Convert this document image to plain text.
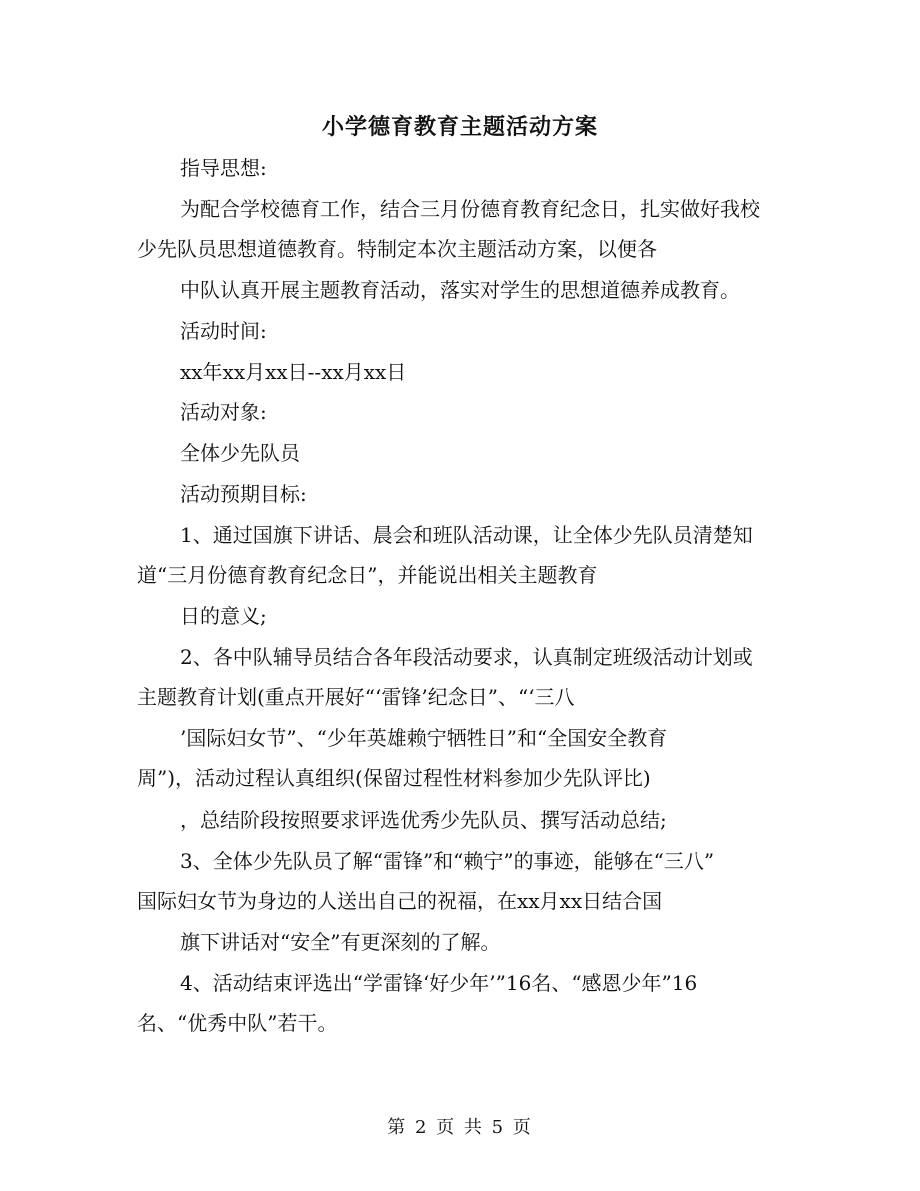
小学德育教育主题活动方案
指导思想:
为配合学校德育工作，结合三月份德育教育纪念日，扎实做好我校
少先队员思想道德教育。特制定本次主题活动方案，以便各
中队认真开展主题教育活动，落实对学生的思想道德养成教育。
活动时间:
xx年xx月xx日--xx月xx日
活动对象:
全体少先队员
活动预期目标:
1、通过国旗下讲话、晨会和班队活动课，让全体少先队员清楚知
道“三月份德育教育纪念日”，并能说出相关主题教育
日的意义;
2、各中队辅导员结合各年段活动要求，认真制定班级活动计划或
主题教育计划(重点开展好“‘雷锋’纪念日”、“‘三八
’国际妇女节”、“少年英雄赖宁牺牲日”和“全国安全教育
周”)，活动过程认真组织(保留过程性材料参加少先队评比)
，总结阶段按照要求评选优秀少先队员、撰写活动总结;
3、全体少先队员了解“雷锋”和“赖宁”的事迹，能够在“三八”
国际妇女节为身边的人送出自己的祝福，在xx月xx日结合国
旗下讲话对“安全”有更深刻的了解。
4、活动结束评选出“学雷锋‘好少年’”16名、“感恩少年”16
名、“优秀中队”若干。
第 2 页 共 5 页
